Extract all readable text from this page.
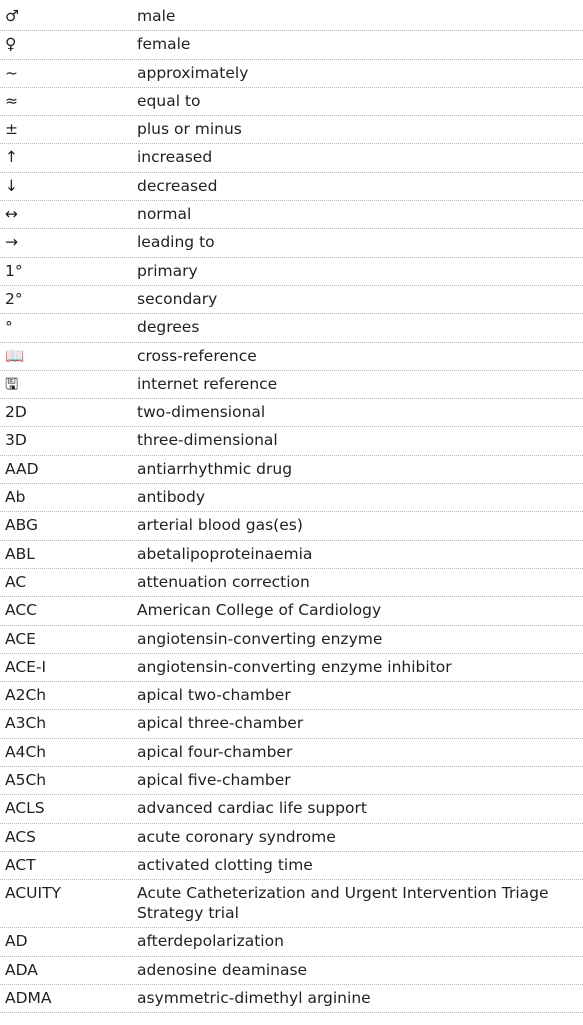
♂	male
♀	female
~	approximately
≈	equal to
±	plus or minus
↑	increased
↓	decreased
↔	normal
→	leading to
1°	primary
2°	secondary
°	degrees
📖	cross-reference
🖫	internet reference
2D	two-dimensional
3D	three-dimensional
AAD	antiarrhythmic drug
Ab	antibody
ABG	arterial blood gas(es)
ABL	abetalipoproteinaemia
AC	attenuation correction
ACC	American College of Cardiology
ACE	angiotensin-converting enzyme
ACE-I	angiotensin-converting enzyme inhibitor
A2Ch	apical two-chamber
A3Ch	apical three-chamber
A4Ch	apical four-chamber
A5Ch	apical five-chamber
ACLS	advanced cardiac life support
ACS	acute coronary syndrome
ACT	activated clotting time
ACUITY	Acute Catheterization and Urgent Intervention Triage Strategy trial
AD	afterdepolarization
ADA	adenosine deaminase
ADMA	asymmetric-dimethyl arginine
